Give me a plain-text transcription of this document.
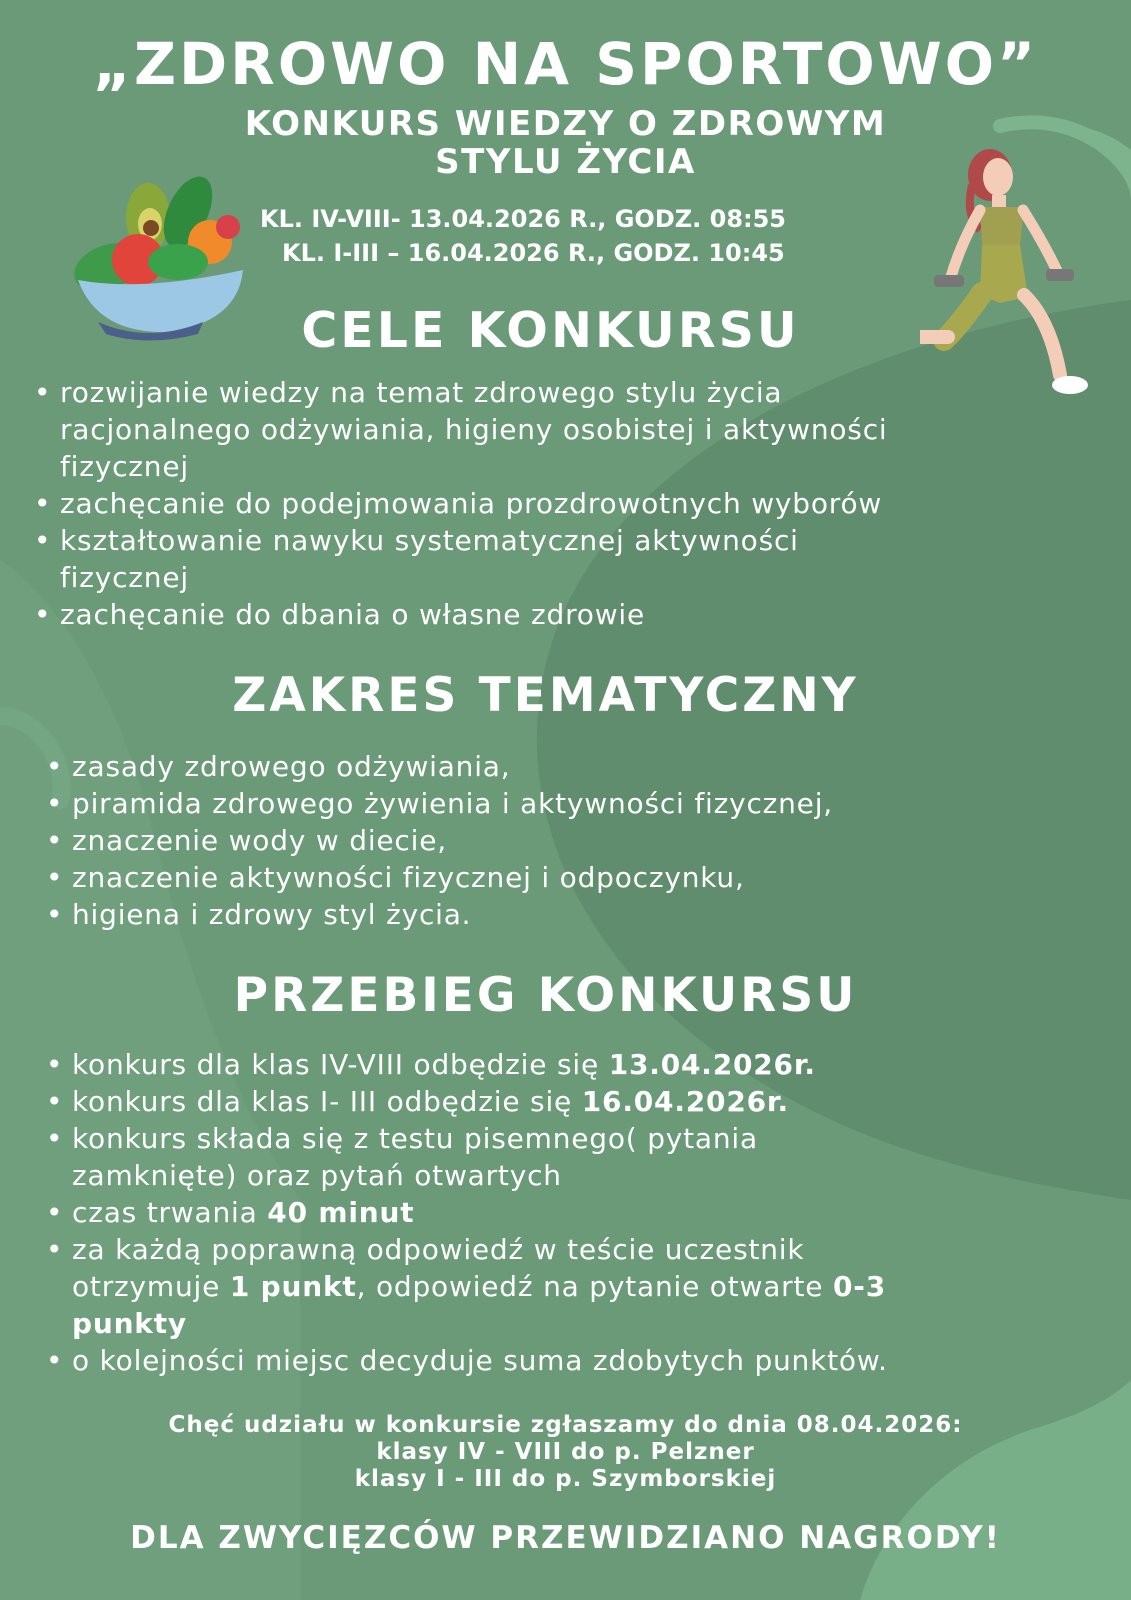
„ZDROWO NA SPORTOWO”
KONKURS WIEDZY O ZDROWYM
STYLU ŻYCIA
KL. IV-VIII- 13.04.2026 R., GODZ. 08:55
KL. I-III – 16.04.2026 R., GODZ. 10:45
CELE KONKURSU
• rozwijanie wiedzy na temat zdrowego stylu życia
racjonalnego odżywiania, higieny osobistej i aktywności
fizycznej
• zachęcanie do podejmowania prozdrowotnych wyborów
• kształtowanie nawyku systematycznej aktywności
fizycznej
• zachęcanie do dbania o własne zdrowie
ZAKRES TEMATYCZNY
• zasady zdrowego odżywiania,
• piramida zdrowego żywienia i aktywności fizycznej,
• znaczenie wody w diecie,
• znaczenie aktywności fizycznej i odpoczynku,
• higiena i zdrowy styl życia.
PRZEBIEG KONKURSU
• konkurs dla klas IV-VIII odbędzie się 13.04.2026r.
• konkurs dla klas I- III odbędzie się 16.04.2026r.
• konkurs składa się z testu pisemnego( pytania
zamknięte) oraz pytań otwartych
• czas trwania 40 minut
• za każdą poprawną odpowiedź w teście uczestnik
otrzymuje 1 punkt, odpowiedź na pytanie otwarte 0-3
punkty
• o kolejności miejsc decyduje suma zdobytych punktów.
Chęć udziału w konkursie zgłaszamy do dnia 08.04.2026:
klasy IV - VIII do p. Pelzner
klasy I - III do p. Szymborskiej
DLA ZWYCIĘZCÓW PRZEWIDZIANO NAGRODY!
